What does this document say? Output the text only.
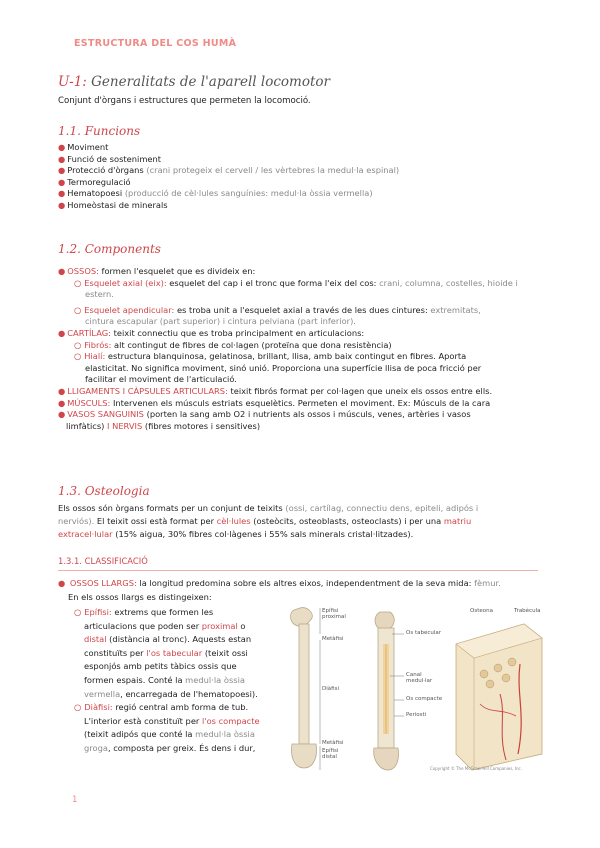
ESTRUCTURA DEL COS HUMÀ
U-1: Generalitats de l'aparell locomotor
Conjunt d'òrgans i estructures que permeten la locomoció.
1.1. Funcions
● Moviment
● Funció de sosteniment
● Protecció d'òrgans (crani protegeix el cervell / les vèrtebres la medul·la espinal)
● Termoregulació
● Hematopoesi (producció de cèl·lules sanguínies: medul·la òssia vermella)
● Homeòstasi de minerals
1.2. Components
● OSSOS: formen l'esquelet que es divideix en:
○ Esquelet axial (eix): esquelet del cap i el tronc que forma l'eix del cos: crani, columna, costelles, hioide i
estern.
○ Esquelet apendicular: es troba unit a l'esquelet axial a través de les dues cintures: extremitats,
cintura escapular (part superior) i cintura pelviana (part inferior).
● CARTÍLAG: teixit connectiu que es troba principalment en articulacions:
○ Fibrós: alt contingut de fibres de col·lagen (proteïna que dona resistència)
○ Hialí: estructura blanquinosa, gelatinosa, brillant, llisa, amb baix contingut en fibres. Aporta
elasticitat. No significa moviment, sinó unió. Proporciona una superfície llisa de poca fricció per
facilitar el moviment de l'articulació.
● LLIGAMENTS I CÀPSULES ARTICULARS: teixit fibrós format per col·lagen que uneix els ossos entre ells.
● MÚSCULS: Intervenen els músculs estriats esquelètics. Permeten el moviment. Ex: Músculs de la cara
● VASOS SANGUINIS (porten la sang amb O2 i nutrients als ossos i músculs, venes, artèries i vasos
limfàtics) I NERVIS (fibres motores i sensitives)
1.3. Osteologia
Els ossos són òrgans formats per un conjunt de teixits (ossi, cartílag, connectiu dens, epiteli, adipós i
nerviós). El teixit ossi està format per cèl·lules (osteòcits, osteoblasts, osteoclasts) i per una matriu
extracel·lular (15% aigua, 30% fibres col·làgenes i 55% sals minerals cristal·litzades).
1.3.1. CLASSIFICACIÓ
● OSSOS LLARGS: la longitud predomina sobre els altres eixos, independentment de la seva mida: fèmur.
En els ossos llargs es distingeixen:
○ Epífisi: extrems que formen les
articulacions que poden ser proximal o
distal (distància al tronc). Aquests estan
constituïts per l'os tabecular (teixit ossi
esponjós amb petits tàbics ossis que
formen espais. Conté la medul·la òssia
vermella, encarregada de l'hematopoesi).
○ Diàfisi: regió central amb forma de tub.
L'interior està constituït per l'os compacte
(teixit adipós que conté la medul·la òssia
groga, composta per greix. És dens i dur,
Epífisi
proximal
Metàfisi
Diàfisi
Metàfisi
Epífisi
distal
Os tabecular
Canal
medul·lar
Os compacte
Periosti
Osteona	Trabècula
Copyright © The McGraw-Hill Companies, Inc.
1
